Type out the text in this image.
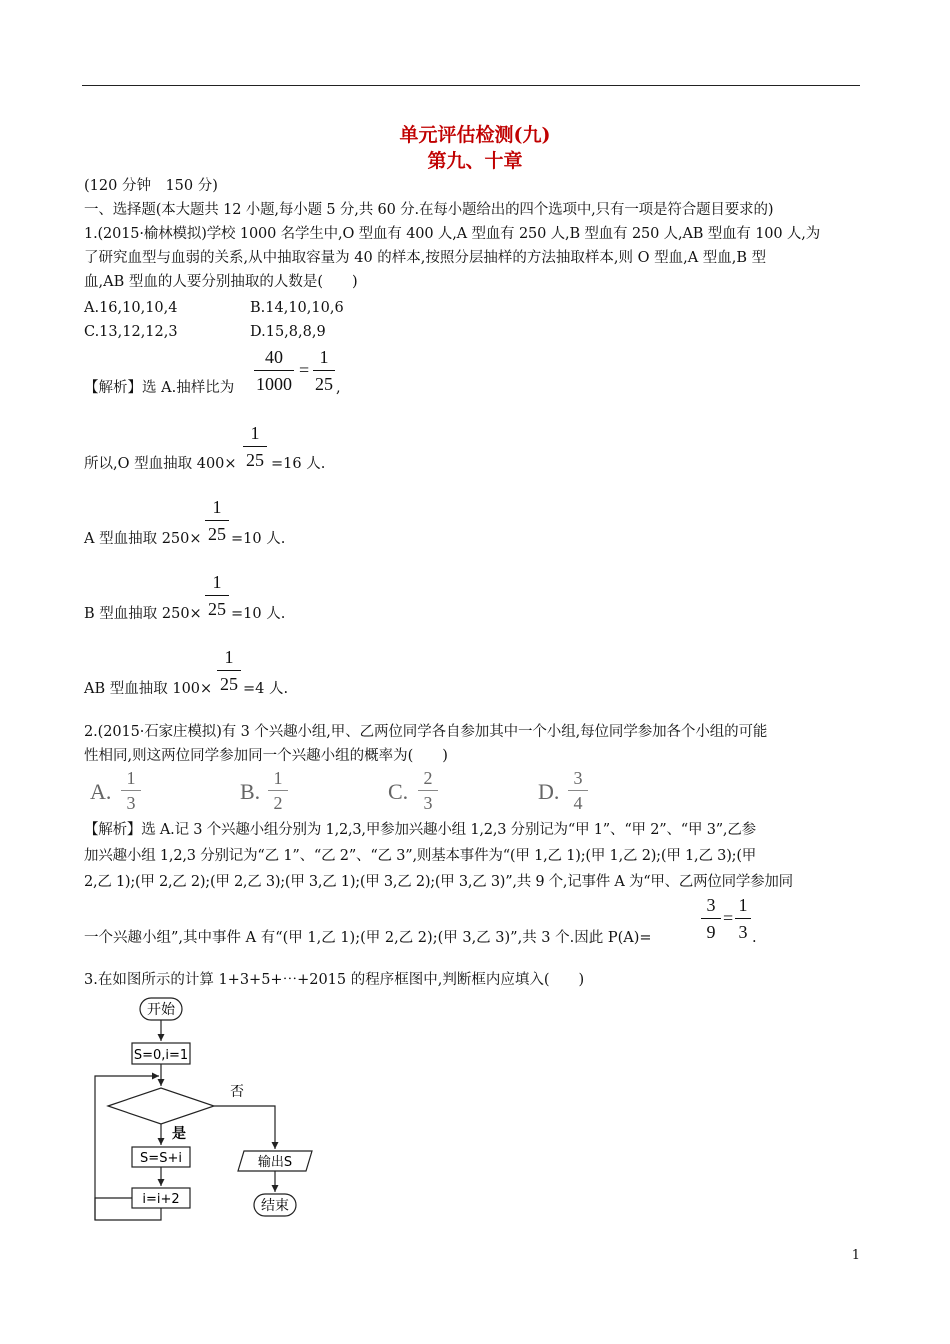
单元评估检测(九)
第九、十章
(120 分钟　150 分)
一、选择题(本大题共 12 小题,每小题 5 分,共 60 分.在每小题给出的四个选项中,只有一项是符合题目要求的)
1.(2015·榆林模拟)学校 1000 名学生中,O 型血有 400 人,A 型血有 250 人,B 型血有 250 人,AB 型血有 100 人,为
了研究血型与血弱的关系,从中抽取容量为 40 的样本,按照分层抽样的方法抽取样本,则 O 型血,A 型血,B 型
血,AB 型血的人要分别抽取的人数是(　　)
A.16,10,10,4	B.14,10,10,6
C.13,12,12,3	D.15,8,8,9
【解析】选 A.抽样比为
40
1000
=
1
25 ,
所以,O 型血抽取 400×
1
25 =16 人.
A 型血抽取 250×
1
25 =10 人.
B 型血抽取 250×
1
25 =10 人.
AB 型血抽取 100×
1
25 =4 人.
2.(2015·石家庄模拟)有 3 个兴趣小组,甲、乙两位同学各自参加其中一个小组,每位同学参加各个小组的可能
性相同,则这两位同学参加同一个兴趣小组的概率为(　　)
A.
1
3	B.
1
2	C.
2
3	D.
3
4
【解析】选 A.记 3 个兴趣小组分别为 1,2,3,甲参加兴趣小组 1,2,3 分别记为“甲 1”、“甲 2”、“甲 3”,乙参
加兴趣小组 1,2,3 分别记为“乙 1”、“乙 2”、“乙 3”,则基本事件为“(甲 1,乙 1);(甲 1,乙 2);(甲 1,乙 3);(甲
2,乙 1);(甲 2,乙 2);(甲 2,乙 3);(甲 3,乙 1);(甲 3,乙 2);(甲 3,乙 3)”,共 9 个,记事件 A 为“甲、乙两位同学参加同
一个兴趣小组”,其中事件 A 有“(甲 1,乙 1);(甲 2,乙 2);(甲 3,乙 3)”,共 3 个.因此 P(A)=
3
9
=
1
3 .
3.在如图所示的计算 1+3+5+⋯+2015 的程序框图中,判断框内应填入(　　)
开始
S=0,i=1
否
是
S=S+i
i=i+2
输出S
结束
1
